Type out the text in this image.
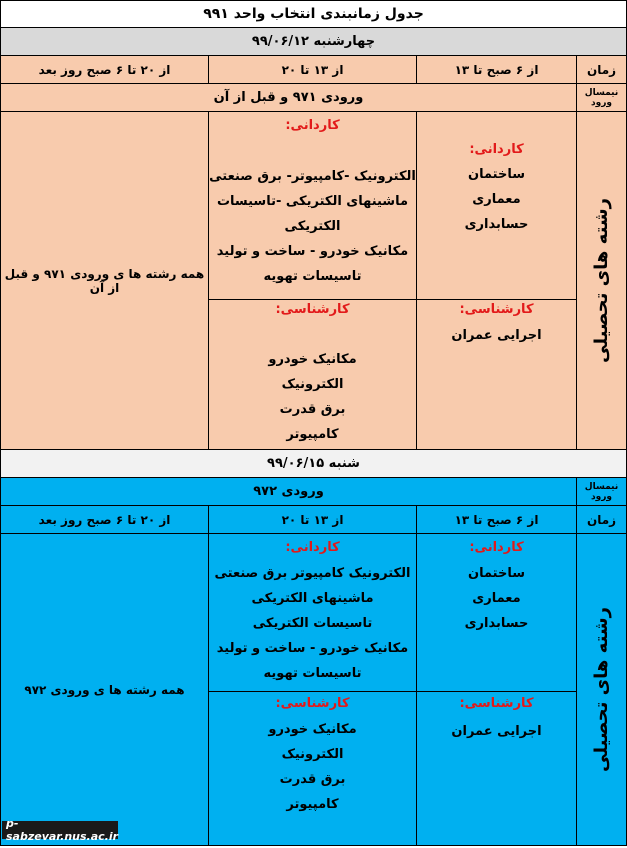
جدول زمانبندی انتخاب واحد ۹۹۱
چهارشنبه ۹۹/۰۶/۱۲
زمان
از ۶ صبح تا ۱۳
از ۱۳ تا ۲۰
از ۲۰ تا ۶ صبح روز بعد
نیمسال ورود
ورودی ۹۷۱ و قبل از آن
رشته های تحصیلی
کاردانی:
ساختمان
معماری
حسابداری
کارشناسی:
اجرایی عمران
کاردانی:
الکترونیک -کامپیوتر- برق صنعتی
ماشینهای الکتریکی -تاسیسات
الکتریکی
مکانیک خودرو - ساخت و تولید
تاسیسات تهویه
کارشناسی:
مکانیک خودرو
الکترونیک
برق قدرت
کامپیوتر
همه رشته ها ی ورودی ۹۷۱ و قبل از آن
شنبه ۹۹/۰۶/۱۵
نیمسال ورود
ورودی ۹۷۲
زمان
از ۶ صبح تا ۱۳
از ۱۳ تا ۲۰
از ۲۰ تا ۶ صبح روز بعد
رشته های تحصیلی
کاردانی:
ساختمان
معماری
حسابداری
کارشناسی:
اجرایی عمران
کاردانی:
الکترونیک کامپیوتر برق صنعتی
ماشینهای الکتریکی
تاسیسات الکتریکی
مکانیک خودرو - ساخت و تولید
تاسیسات تهویه
کارشناسی:
مکانیک خودرو
الکترونیک
برق قدرت
کامپیوتر
همه رشته ها ی ورودی ۹۷۲
p-sabzevar.nus.ac.ir
